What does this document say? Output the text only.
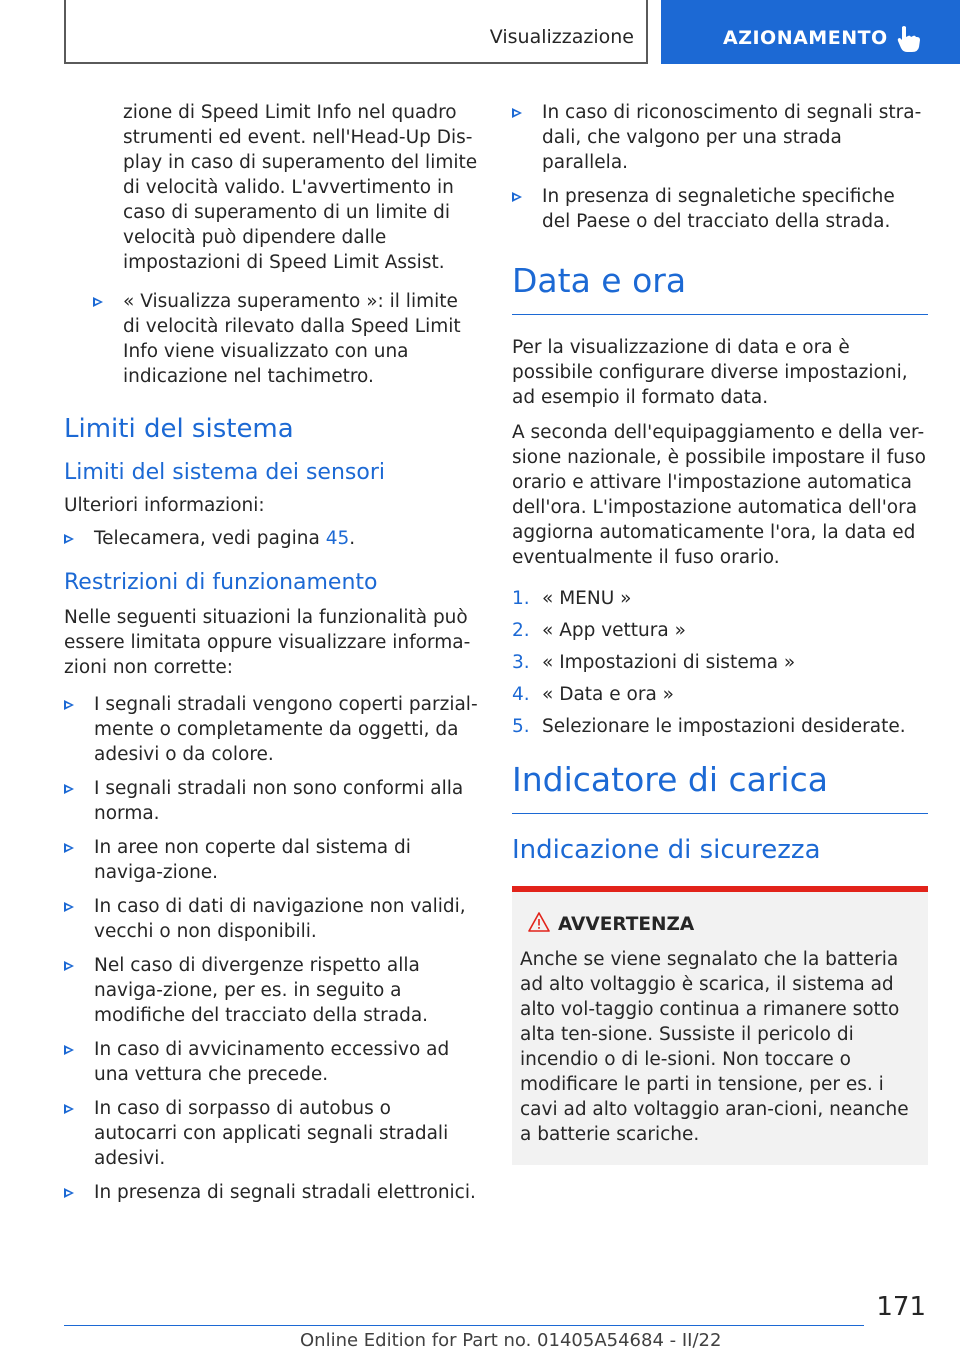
Visualizzazione	AZIONAMENTO

zione di Speed Limit Info nel quadro strumenti ed event. nell'Head-Up Dis-play in caso di superamento del limite di velocità valido. L'avvertimento in caso di superamento di un limite di velocità può dipendere dalle impostazioni di Speed Limit Assist.

« Visualizza superamento »: il limite di velocità rilevato dalla Speed Limit Info viene visualizzato con una indicazione nel tachimetro.
Limiti del sistema
Limiti del sistema dei sensori

Ulteriori informazioni:

Telecamera, vedi pagina 45.
Restrizioni di funzionamento

Nelle seguenti situazioni la funzionalità può essere limitata oppure visualizzare informa-zioni non corrette:

I segnali stradali vengono coperti parzial-mente o completamente da oggetti, da adesivi o da colore.
I segnali stradali non sono conformi alla norma.
In aree non coperte dal sistema di naviga-zione.
In caso di dati di navigazione non validi, vecchi o non disponibili.
Nel caso di divergenze rispetto alla naviga-zione, per es. in seguito a modifiche del tracciato della strada.
In caso di avvicinamento eccessivo ad una vettura che precede.
In caso di sorpasso di autobus o autocarri con applicati segnali stradali adesivi.
In presenza di segnali stradali elettronici.
In caso di riconoscimento di segnali stra-dali, che valgono per una strada parallela.
In presenza di segnaletiche specifiche del Paese o del tracciato della strada.
Data e ora

Per la visualizzazione di data e ora è possibile configurare diverse impostazioni, ad esempio il formato data.

A seconda dell'equipaggiamento e della ver-sione nazionale, è possibile impostare il fuso orario e attivare l'impostazione automatica dell'ora. L'impostazione automatica dell'ora aggiorna automaticamente l'ora, la data ed eventualmente il fuso orario.

1. « MENU »
2. « App vettura »
3. « Impostazioni di sistema »
4. « Data e ora »
5. Selezionare le impostazioni desiderate.
Indicatore di carica
Indicazione di sicurezza
AVVERTENZA
Anche se viene segnalato che la batteria ad alto voltaggio è scarica, il sistema ad alto vol-taggio continua a rimanere sotto alta ten-sione. Sussiste il pericolo di incendio o di le-sioni. Non toccare o modificare le parti in tensione, per es. i cavi ad alto voltaggio aran-cioni, neanche a batterie scariche.
171
Online Edition for Part no. 01405A54684 - II/22
